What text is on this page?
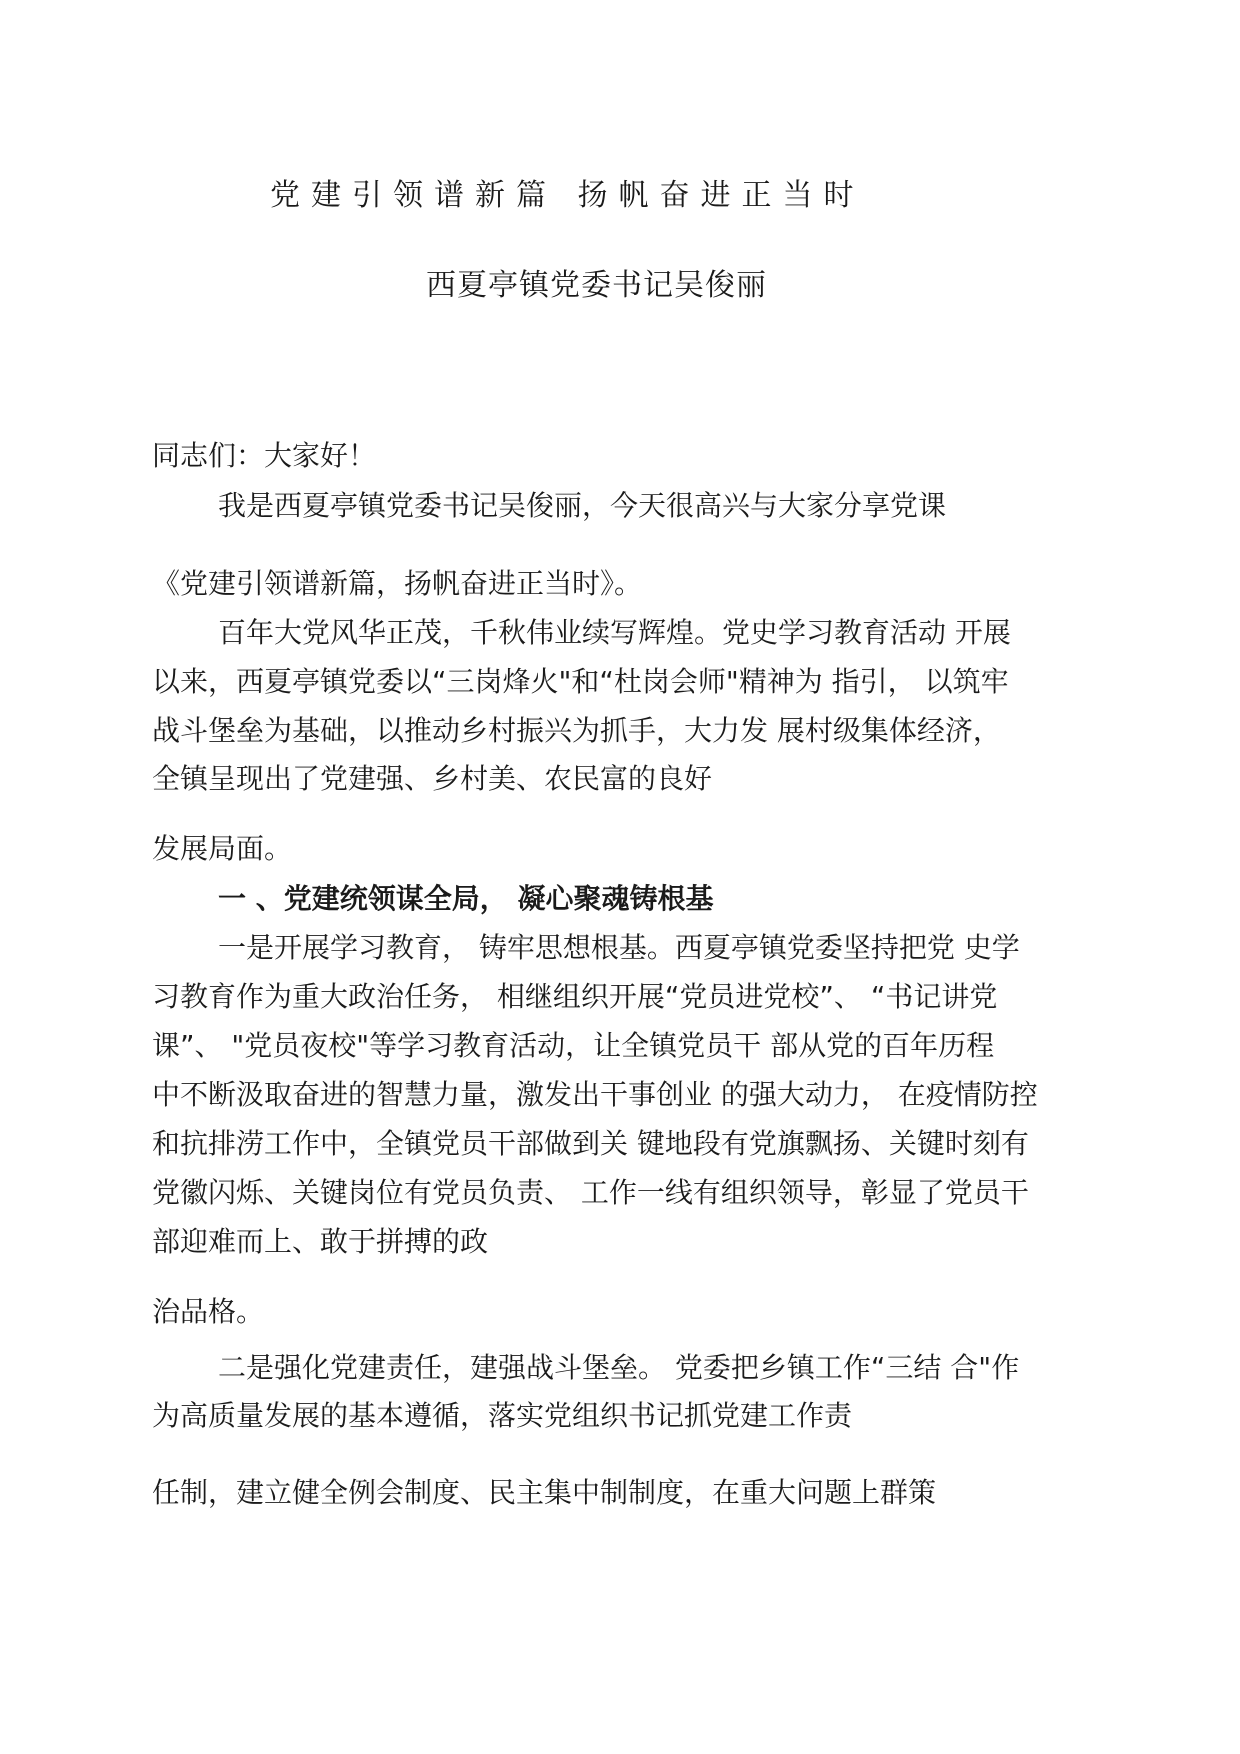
党建引领谱新篇 扬帆奋进正当时
西夏亭镇党委书记吴俊丽
同志们：大家好！
我是西夏亭镇党委书记吴俊丽，今天很高兴与大家分享党课
《党建引领谱新篇，扬帆奋进正当时》。
百年大党风华正茂，千秋伟业续写辉煌。党史学习教育活动 开展
以来，西夏亭镇党委以“三岗烽火"和“杜岗会师"精神为 指引， 以筑牢
战斗堡垒为基础，以推动乡村振兴为抓手，大力发 展村级集体经济，
全镇呈现出了党建强、乡村美、农民富的良好
发展局面。
一 、党建统领谋全局， 凝心聚魂铸根基
一是开展学习教育， 铸牢思想根基。西夏亭镇党委坚持把党 史学
习教育作为重大政治任务， 相继组织开展“党员进党校”、 “书记讲党
课”、 "党员夜校"等学习教育活动，让全镇党员干 部从党的百年历程
中不断汲取奋进的智慧力量，激发出干事创业 的强大动力， 在疫情防控
和抗排涝工作中，全镇党员干部做到关 键地段有党旗飘扬、关键时刻有
党徽闪烁、关键岗位有党员负责、 工作一线有组织领导，彰显了党员干
部迎难而上、敢于拼搏的政
治品格。
二是强化党建责任，建强战斗堡垒。 党委把乡镇工作“三结 合"作
为高质量发展的基本遵循，落实党组织书记抓党建工作责
任制，建立健全例会制度、民主集中制制度，在重大问题上群策
